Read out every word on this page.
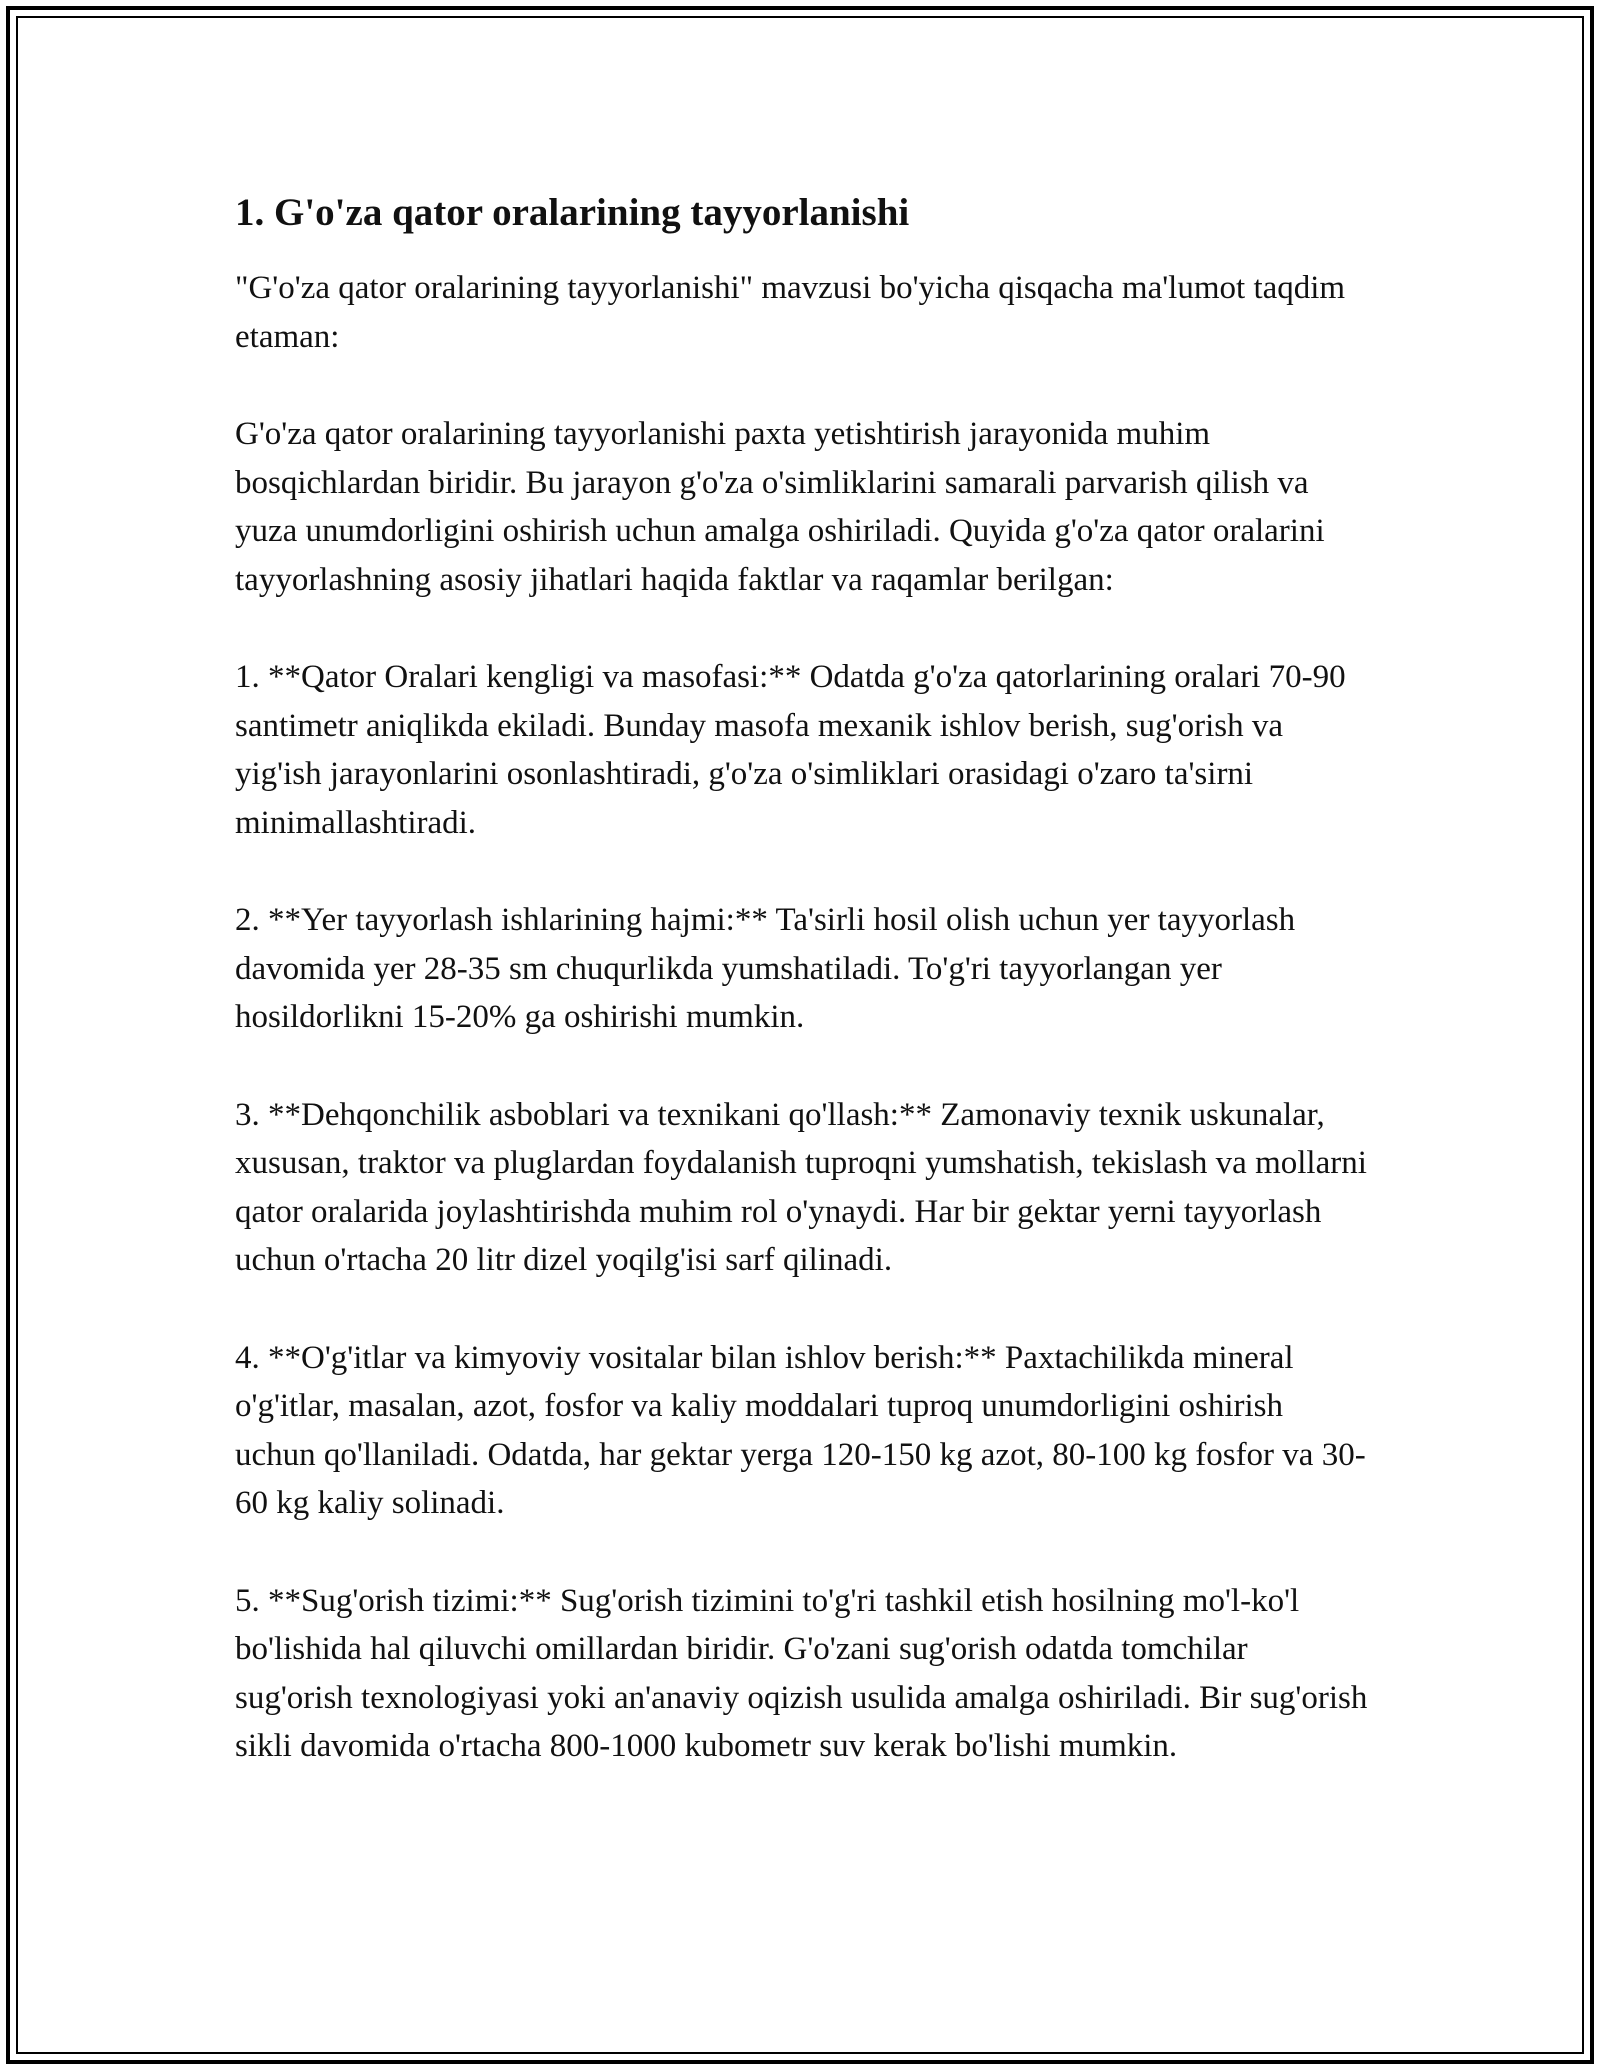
1. G'o'za qator oralarining tayyorlanishi

"G'o'za qator oralarining tayyorlanishi" mavzusi bo'yicha qisqacha ma'lumot taqdim etaman:

G'o'za qator oralarining tayyorlanishi paxta yetishtirish jarayonida muhim bosqichlardan biridir. Bu jarayon g'o'za o'simliklarini samarali parvarish qilish va yuza unumdorligini oshirish uchun amalga oshiriladi. Quyida g'o'za qator oralarini tayyorlashning asosiy jihatlari haqida faktlar va raqamlar berilgan:

1. **Qator Oralari kengligi va masofasi:** Odatda g'o'za qatorlarining oralari 70-90 santimetr aniqlikda ekiladi. Bunday masofa mexanik ishlov berish, sug'orish va yig'ish jarayonlarini osonlashtiradi, g'o'za o'simliklari orasidagi o'zaro ta'sirni minimallashtiradi.

2. **Yer tayyorlash ishlarining hajmi:** Ta'sirli hosil olish uchun yer tayyorlash davomida yer 28-35 sm chuqurlikda yumshatiladi. To'g'ri tayyorlangan yer hosildorlikni 15-20% ga oshirishi mumkin.

3. **Dehqonchilik asboblari va texnikani qo'llash:** Zamonaviy texnik uskunalar, xususan, traktor va pluglardan foydalanish tuproqni yumshatish, tekislash va mollarni qator oralarida joylashtirishda muhim rol o'ynaydi. Har bir gektar yerni tayyorlash uchun o'rtacha 20 litr dizel yoqilg'isi sarf qilinadi.

4. **O'g'itlar va kimyoviy vositalar bilan ishlov berish:** Paxtachilikda mineral o'g'itlar, masalan, azot, fosfor va kaliy moddalari tuproq unumdorligini oshirish uchun qo'llaniladi. Odatda, har gektar yerga 120-150 kg azot, 80-100 kg fosfor va 30-60 kg kaliy solinadi.

5. **Sug'orish tizimi:** Sug'orish tizimini to'g'ri tashkil etish hosilning mo'l-ko'l bo'lishida hal qiluvchi omillardan biridir. G'o'zani sug'orish odatda tomchilar sug'orish texnologiyasi yoki an'anaviy oqizish usulida amalga oshiriladi. Bir sug'orish sikli davomida o'rtacha 800-1000 kubometr suv kerak bo'lishi mumkin.
